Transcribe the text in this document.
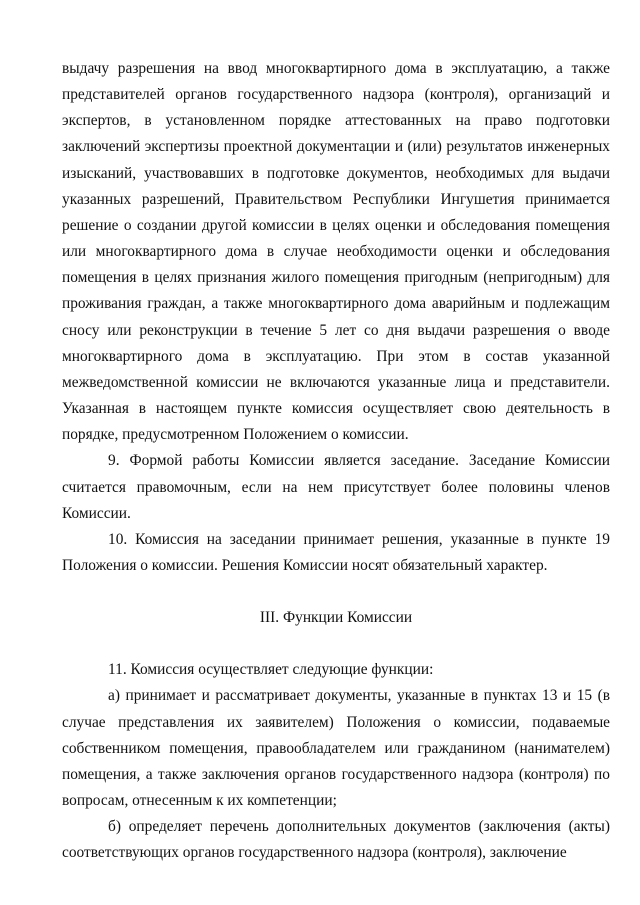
выдачу разрешения на ввод многоквартирного дома в эксплуатацию, а также представителей органов государственного надзора (контроля), организаций и экспертов, в установленном порядке аттестованных на право подготовки заключений экспертизы проектной документации и (или) результатов инженерных изысканий, участвовавших в подготовке документов, необходимых для выдачи указанных разрешений, Правительством Республики Ингушетия принимается решение о создании другой комиссии в целях оценки и обследования помещения или многоквартирного дома в случае необходимости оценки и обследования помещения в целях признания жилого помещения пригодным (непригодным) для проживания граждан, а также многоквартирного дома аварийным и подлежащим сносу или реконструкции в течение 5 лет со дня выдачи разрешения о вводе многоквартирного дома в эксплуатацию. При этом в состав указанной межведомственной комиссии не включаются указанные лица и представители. Указанная в настоящем пункте комиссия осуществляет свою деятельность в порядке, предусмотренном Положением о комиссии.

9. Формой работы Комиссии является заседание. Заседание Комиссии считается правомочным, если на нем присутствует более половины членов Комиссии.

10. Комиссия на заседании принимает решения, указанные в пункте 19 Положения о комиссии. Решения Комиссии носят обязательный характер.

III. Функции Комиссии

11. Комиссия осуществляет следующие функции:

а) принимает и рассматривает документы, указанные в пунктах 13 и 15 (в случае представления их заявителем) Положения о комиссии, подаваемые собственником помещения, правообладателем или гражданином (нанимателем) помещения, а также заключения органов государственного надзора (контроля) по вопросам, отнесенным к их компетенции;

б) определяет перечень дополнительных документов (заключения (акты) соответствующих органов государственного надзора (контроля), заключение
